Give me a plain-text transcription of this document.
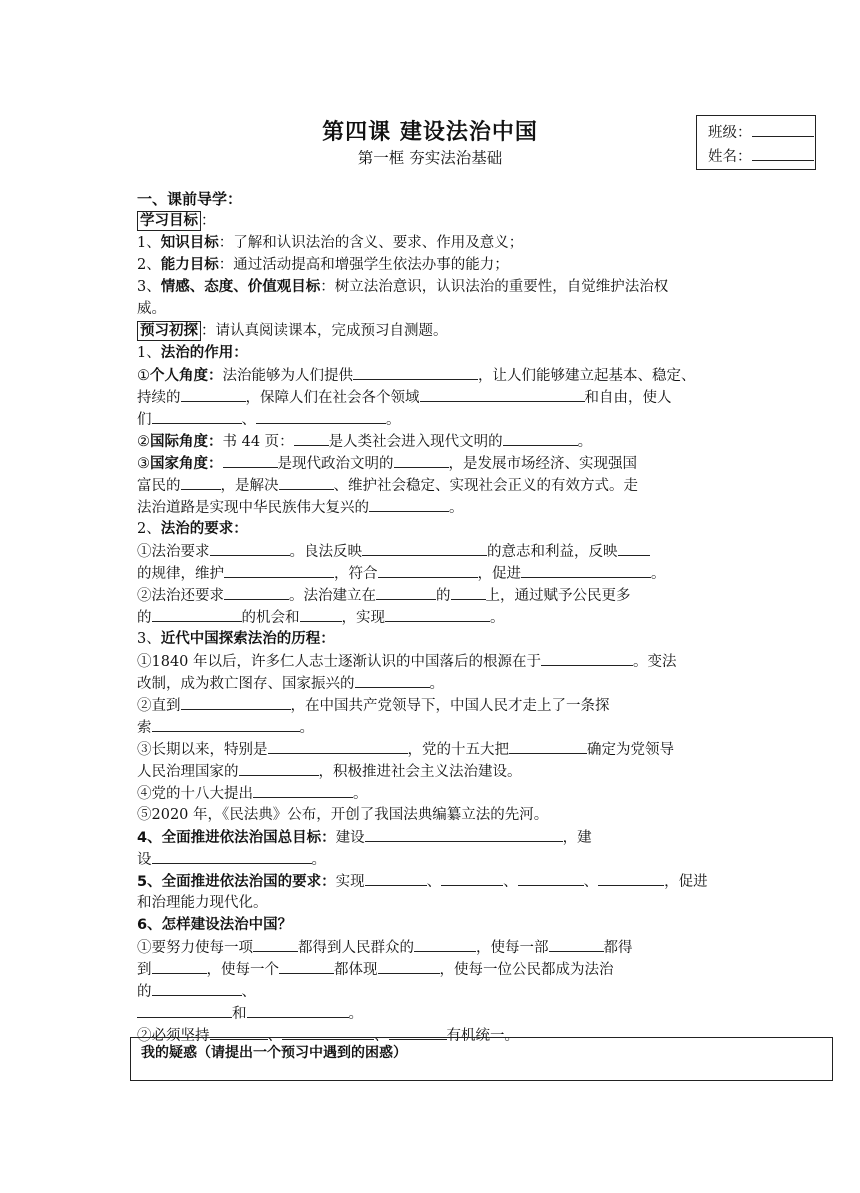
第四课 建设法治中国
第一框 夯实法治基础
班级：
姓名：
一、课前导学：
学习目标 ：
1、知识目标：了解和认识法治的含义、要求、作用及意义；
2、能力目标：通过活动提高和增强学生依法办事的能力；
3、情感、态度、价值观目标：树立法治意识，认识法治的重要性，自觉维护法治权
威。
预习初探 ：请认真阅读课本，完成预习自测题。
1、法治的作用：
①个人角度：法治能够为人们提供	，让人们能够建立起基本、稳定、
持续的	，保障人们在社会各个领域	和自由，使人
们	、	。
②国际角度：书 44 页： 是人类社会进入现代文明的	。
③国家角度：	是现代政治文明的	，是发展市场经济、实现强国
富民的	，是解决	、维护社会稳定、实现社会正义的有效方式。走
法治道路是实现中华民族伟大复兴的	。
2、法治的要求：
①法治要求	。良法反映	的意志和利益，反映
的规律，维护	，符合	，促进	。
②法治还要求	。法治建立在	的 上，通过赋予公民更多
的	的机会和	，实现	。
3、近代中国探索法治的历程：
①1840 年以后，许多仁人志士逐渐认识的中国落后的根源在于	。变法
改制，成为救亡图存、国家振兴的	。
②直到	，在中国共产党领导下，中国人民才走上了一条探
索	。
③长期以来，特别是	，党的十五大把	确定为党领导
人民治理国家的	，积极推进社会主义法治建设。
④党的十八大提出	。
⑤2020 年，《民法典》公布，开创了我国法典编纂立法的先河。
4、全面推进依法治国总目标：建设	，建
设	。
5、全面推进依法治国的要求：实现	、	、	、	，促进
和治理能力现代化。
6、怎样建设法治中国？
①要努力使每一项	都得到人民群众的	，使每一部	都得
到	，使每一个	都体现	，使每一位公民都成为法治
的	、
和	。
②必须坚持	、	、	有机统一。
我的疑惑（请提出一个预习中遇到的困惑）
